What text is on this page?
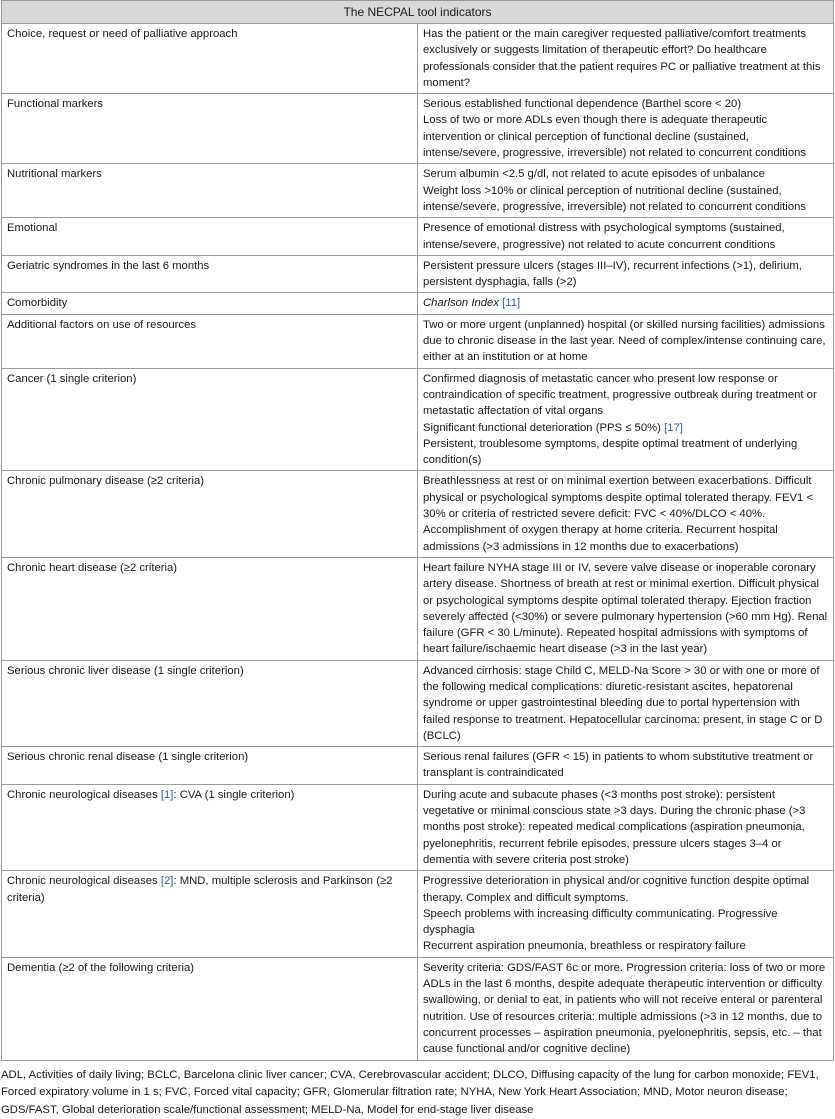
The NECPAL tool indicators	
Choice, request or need of palliative approach	Has the patient or the main caregiver requested palliative/comfort treatments exclusively or suggests limitation of therapeutic effort? Do healthcare professionals consider that the patient requires PC or palliative treatment at this moment?

Functional markers	Serious established functional dependence (Barthel score < 20)
Loss of two or more ADLs even though there is adequate therapeutic intervention or clinical perception of functional decline (sustained, intense/severe, progressive, irreversible) not related to concurrent conditions

Nutritional markers	Serum albumin <2.5 g/dl, not related to acute episodes of unbalance
Weight loss >10% or clinical perception of nutritional decline (sustained, intense/severe, progressive, irreversible) not related to concurrent conditions

Emotional	Presence of emotional distress with psychological symptoms (sustained, intense/severe, progressive) not related to acute concurrent conditions

Geriatric syndromes in the last 6 months	Persistent pressure ulcers (stages III–IV), recurrent infections (>1), delirium, persistent dysphagia, falls (>2)

Comorbidity	Charlson Index [11]
Additional factors on use of resources	Two or more urgent (unplanned) hospital (or skilled nursing facilities) admissions due to chronic disease in the last year. Need of complex/intense continuing care, either at an institution or at home

Cancer (1 single criterion)	Confirmed diagnosis of metastatic cancer who present low response or contraindication of specific treatment, progressive outbreak during treatment or metastatic affectation of vital organs
Significant functional deterioration (PPS ≤ 50%) [17]
Persistent, troublesome symptoms, despite optimal treatment of underlying condition(s)

Chronic pulmonary disease (≥2 criteria)	Breathlessness at rest or on minimal exertion between exacerbations. Difficult physical or psychological symptoms despite optimal tolerated therapy. FEV1 < 30% or criteria of restricted severe deficit: FVC < 40%/DLCO < 40%. Accomplishment of oxygen therapy at home criteria. Recurrent hospital admissions (>3 admissions in 12 months due to exacerbations)

Chronic heart disease (≥2 criteria)	Heart failure NYHA stage III or IV, severe valve disease or inoperable coronary artery disease. Shortness of breath at rest or minimal exertion. Difficult physical or psychological symptoms despite optimal tolerated therapy. Ejection fraction severely affected (<30%) or severe pulmonary hypertension (>60 mm Hg). Renal failure (GFR < 30 L/minute). Repeated hospital admissions with symptoms of heart failure/ischaemic heart disease (>3 in the last year)

Serious chronic liver disease (1 single criterion)	Advanced cirrhosis: stage Child C, MELD-Na Score > 30 or with one or more of the following medical complications: diuretic-resistant ascites, hepatorenal syndrome or upper gastrointestinal bleeding due to portal hypertension with failed response to treatment. Hepatocellular carcinoma: present, in stage C or D (BCLC)

Serious chronic renal disease (1 single criterion)	Serious renal failures (GFR < 15) in patients to whom substitutive treatment or transplant is contraindicated

Chronic neurological diseases [1]: CVA (1 single criterion)	During acute and subacute phases (<3 months post stroke): persistent vegetative or minimal conscious state >3 days. During the chronic phase (>3 months post stroke): repeated medical complications (aspiration pneumonia, pyelonephritis, recurrent febrile episodes, pressure ulcers stages 3–4 or dementia with severe criteria post stroke)

Chronic neurological diseases [2]: MND, multiple sclerosis and Parkinson (≥2 criteria)	Progressive deterioration in physical and/or cognitive function despite optimal therapy. Complex and difficult symptoms.
Speech problems with increasing difficulty communicating. Progressive dysphagia
Recurrent aspiration pneumonia, breathless or respiratory failure

Dementia (≥2 of the following criteria)	Severity criteria: GDS/FAST 6c or more. Progression criteria: loss of two or more ADLs in the last 6 months, despite adequate therapeutic intervention or difficulty swallowing, or denial to eat, in patients who will not receive enteral or parenteral nutrition. Use of resources criteria: multiple admissions (>3 in 12 months, due to concurrent processes – aspiration pneumonia, pyelonephritis, sepsis, etc. – that cause functional and/or cognitive decline)
ADL, Activities of daily living; BCLC, Barcelona clinic liver cancer; CVA, Cerebrovascular accident; DLCO, Diffusing capacity of the lung for carbon monoxide; FEV1, Forced expiratory volume in 1 s; FVC, Forced vital capacity; GFR, Glomerular filtration rate; NYHA, New York Heart Association; MND, Motor neuron disease; GDS/FAST, Global deterioration scale/functional assessment; MELD-Na, Model for end-stage liver disease
